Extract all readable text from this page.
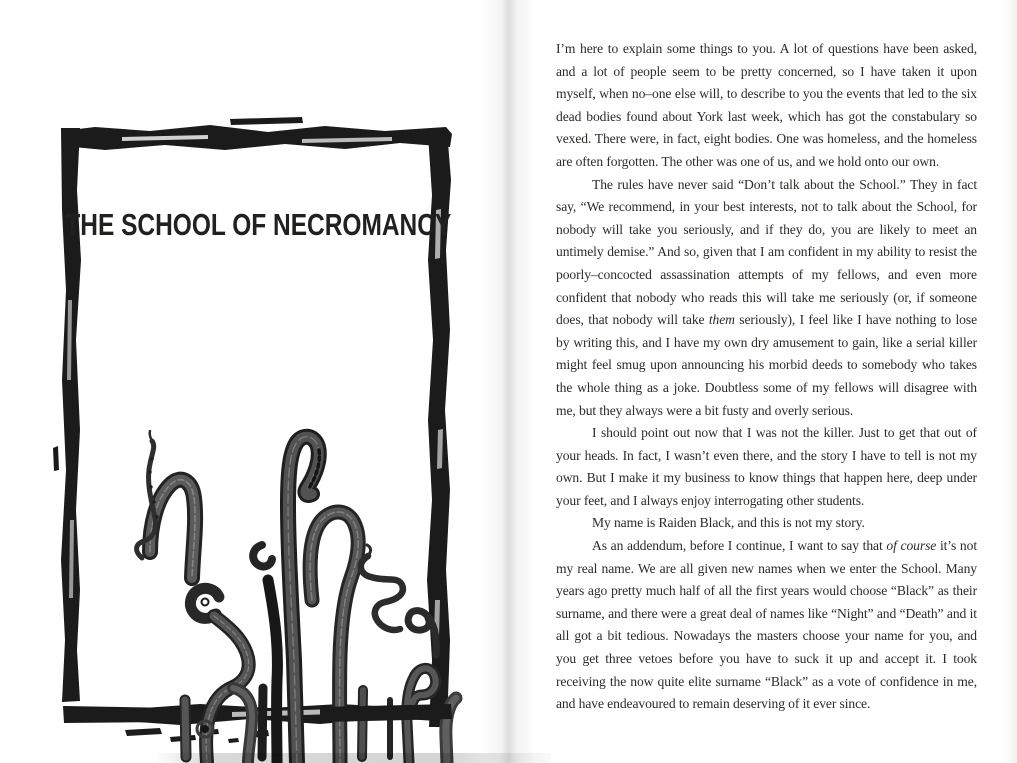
THE SCHOOL OF NECROMANCY

I’m here to explain some things to you. A lot of questions have been asked, and a lot of people seem to be pretty concerned, so I have taken it upon myself, when no–one else will, to describe to you the events that led to the six dead bodies found about York last week, which has got the constabulary so vexed. There were, in fact, eight bodies. One was homeless, and the homeless are often forgotten. The other was one of us, and we hold onto our own.

The rules have never said “Don’t talk about the School.” They in fact say, “We recommend, in your best interests, not to talk about the School, for nobody will take you seriously, and if they do, you are likely to meet an untimely demise.” And so, given that I am confident in my ability to resist the poorly–concocted assassination attempts of my fellows, and even more confident that nobody who reads this will take me seriously (or, if someone does, that nobody will take them seriously), I feel like I have nothing to lose by writing this, and I have my own dry amusement to gain, like a serial killer might feel smug upon announcing his morbid deeds to somebody who takes the whole thing as a joke. Doubtless some of my fellows will disagree with me, but they always were a bit fusty and overly serious.

I should point out now that I was not the killer. Just to get that out of your heads. In fact, I wasn’t even there, and the story I have to tell is not my own. But I make it my business to know things that happen here, deep under your feet, and I always enjoy interrogating other students.

My name is Raiden Black, and this is not my story.

As an addendum, before I continue, I want to say that of course it’s not my real name. We are all given new names when we enter the School. Many years ago pretty much half of all the first years would choose “Black” as their surname, and there were a great deal of names like “Night” and “Death” and it all got a bit tedious. Nowadays the masters choose your name for you, and you get three vetoes before you have to suck it up and accept it. I took receiving the now quite elite surname “Black” as a vote of confidence in me, and have endeavoured to remain deserving of it ever since.
